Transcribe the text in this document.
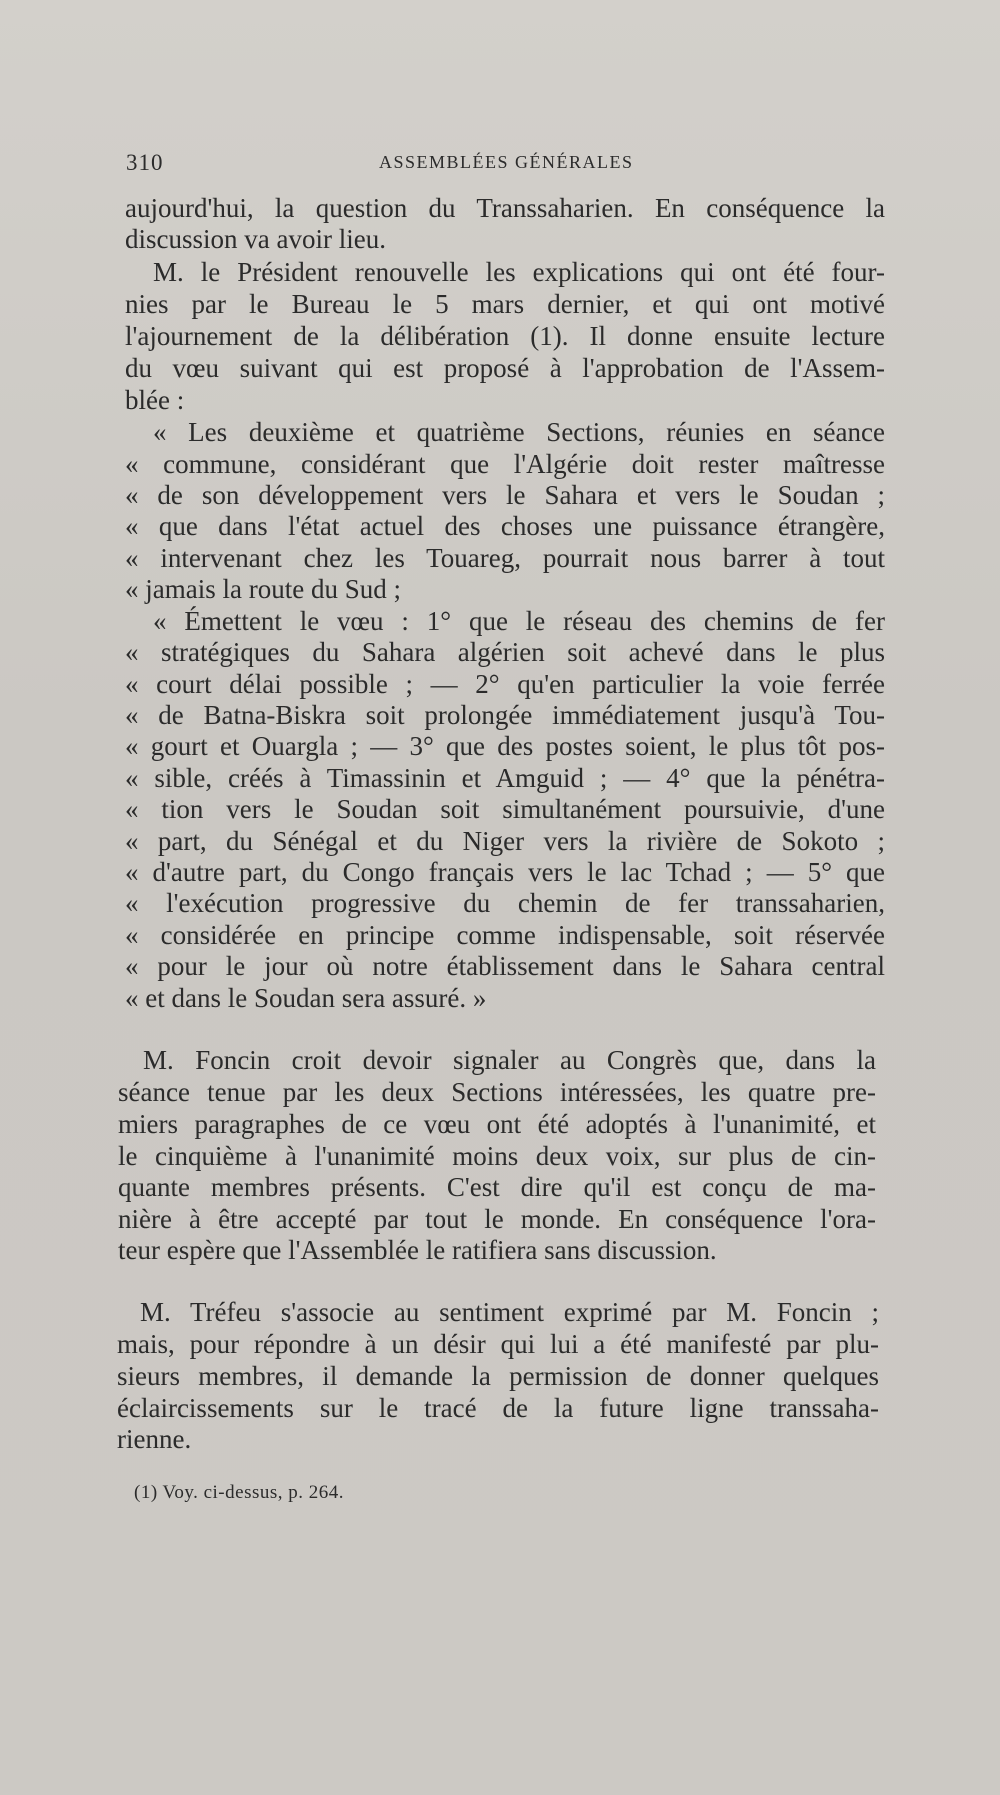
310	ASSEMBLÉES GÉNÉRALES
aujourd'hui, la question du Transsaharien. En conséquence la
discussion va avoir lieu.
M. le Président renouvelle les explications qui ont été four-
nies par le Bureau le 5 mars dernier, et qui ont motivé
l'ajournement de la délibération (1). Il donne ensuite lecture
du vœu suivant qui est proposé à l'approbation de l'Assem-
blée :
« Les deuxième et quatrième Sections, réunies en séance
« commune, considérant que l'Algérie doit rester maîtresse
« de son développement vers le Sahara et vers le Soudan ;
« que dans l'état actuel des choses une puissance étrangère,
« intervenant chez les Touareg, pourrait nous barrer à tout
« jamais la route du Sud ;
« Émettent le vœu : 1° que le réseau des chemins de fer
« stratégiques du Sahara algérien soit achevé dans le plus
« court délai possible ; — 2° qu'en particulier la voie ferrée
« de Batna-Biskra soit prolongée immédiatement jusqu'à Tou-
« gourt et Ouargla ; — 3° que des postes soient, le plus tôt pos-
« sible, créés à Timassinin et Amguid ; — 4° que la pénétra-
« tion vers le Soudan soit simultanément poursuivie, d'une
« part, du Sénégal et du Niger vers la rivière de Sokoto ;
« d'autre part, du Congo français vers le lac Tchad ; — 5° que
« l'exécution progressive du chemin de fer transsaharien,
« considérée en principe comme indispensable, soit réservée
« pour le jour où notre établissement dans le Sahara central
« et dans le Soudan sera assuré. »
M. Foncin croit devoir signaler au Congrès que, dans la
séance tenue par les deux Sections intéressées, les quatre pre-
miers paragraphes de ce vœu ont été adoptés à l'unanimité, et
le cinquième à l'unanimité moins deux voix, sur plus de cin-
quante membres présents. C'est dire qu'il est conçu de ma-
nière à être accepté par tout le monde. En conséquence l'ora-
teur espère que l'Assemblée le ratifiera sans discussion.
M. Tréfeu s'associe au sentiment exprimé par M. Foncin ;
mais, pour répondre à un désir qui lui a été manifesté par plu-
sieurs membres, il demande la permission de donner quelques
éclaircissements sur le tracé de la future ligne transsaha-
rienne.
(1) Voy. ci-dessus, p. 264.
